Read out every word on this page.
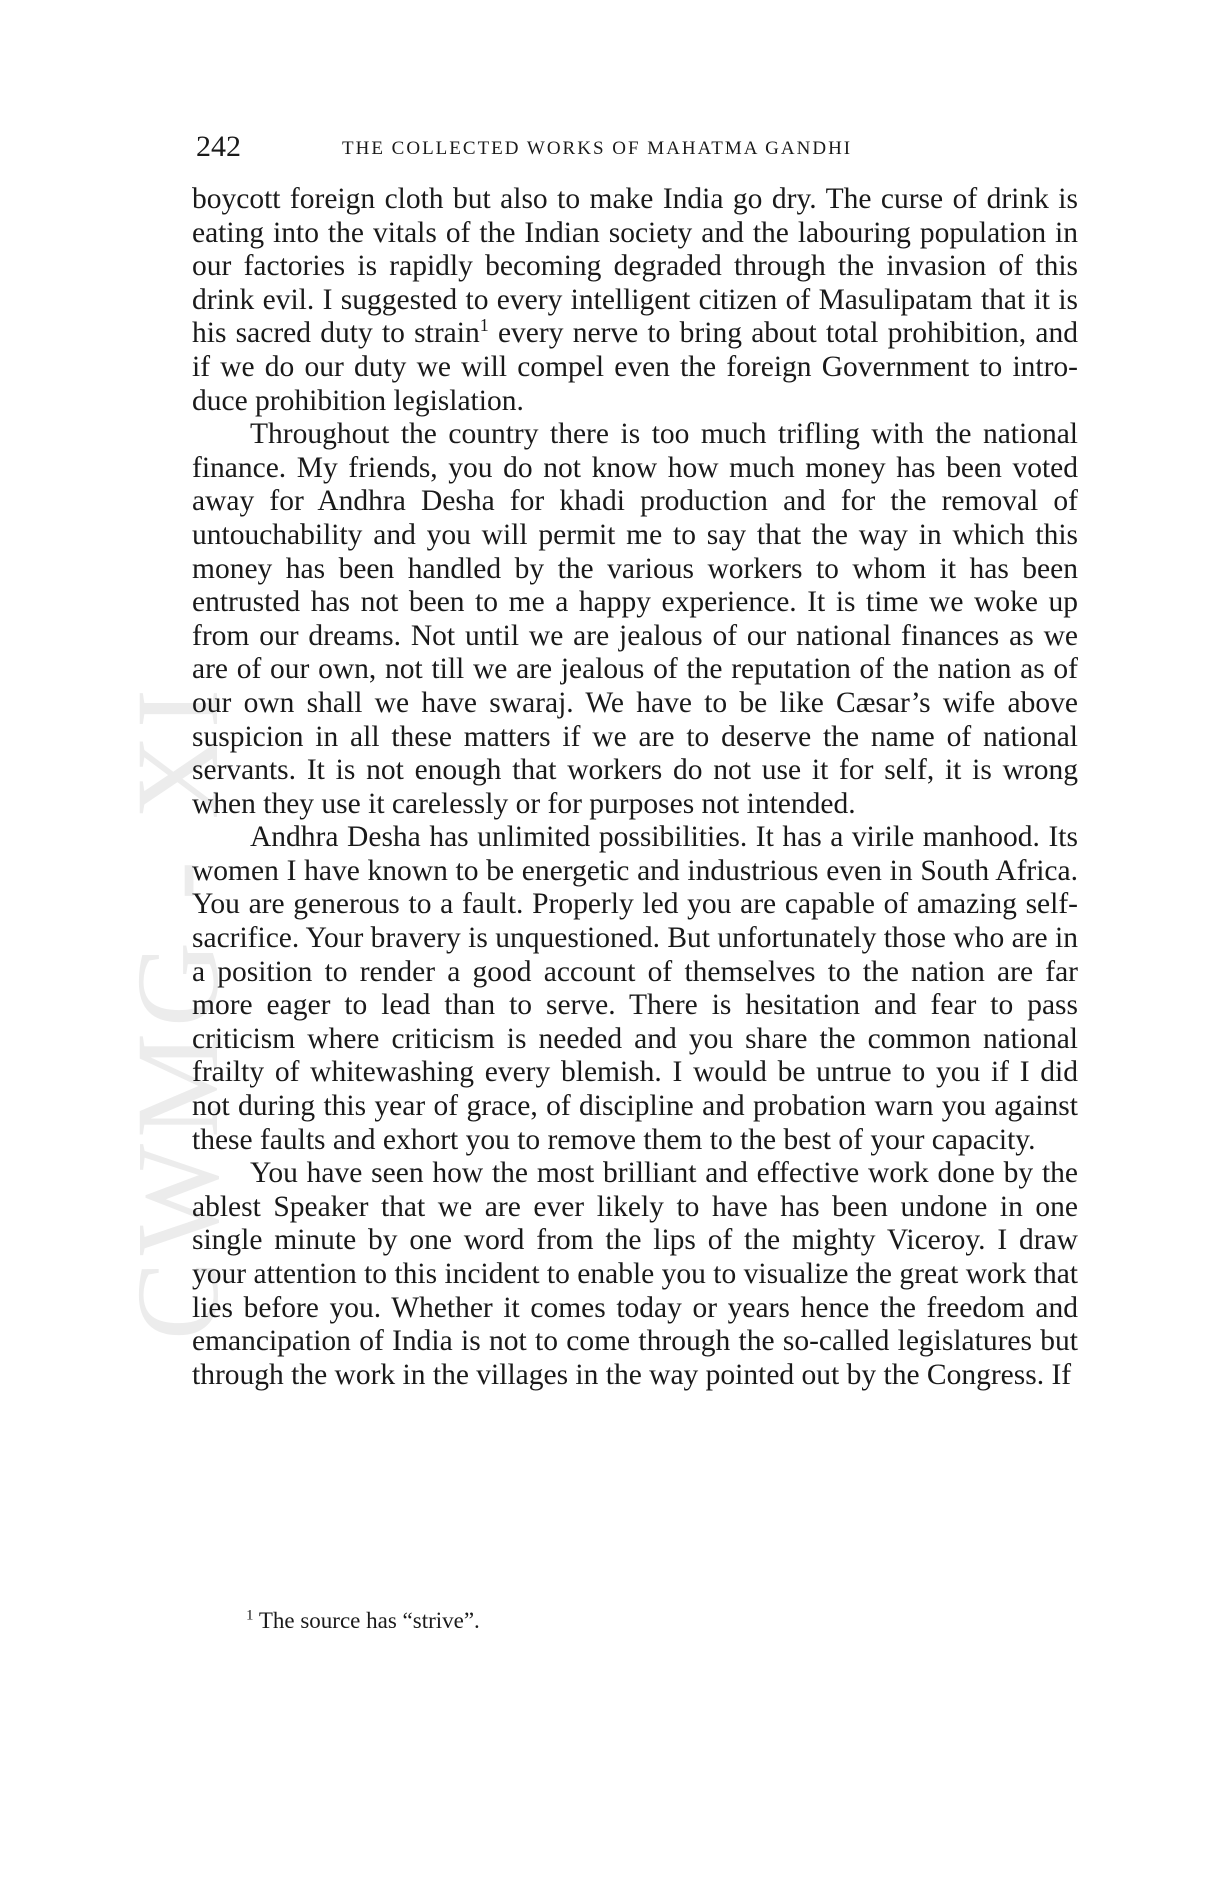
CWMG - XI
242	THE COLLECTED WORKS OF MAHATMA GANDHI

boycott foreign cloth but also to make India go dry. The curse of drink is eating into the vitals of the Indian society and the labouring population in our factories is rapidly becoming degraded through the invasion of this drink evil. I suggested to every intelligent citizen of Masulipatam that it is his sacred duty to strain$^1$ every nerve to bring about total prohibition, and if we do our duty we will compel even the foreign Government to introduce prohibition legislation.

Throughout the country there is too much trifling with the national finance. My friends, you do not know how much money has been voted away for Andhra Desha for khadi production and for the removal of untouchability and you will permit me to say that the way in which this money has been handled by the various workers to whom it has been entrusted has not been to me a happy experience. It is time we woke up from our dreams. Not until we are jealous of our national finances as we are of our own, not till we are jealous of the reputation of the nation as of our own shall we have swaraj. We have to be like Cæsar’s wife above suspicion in all these matters if we are to deserve the name of national servants. It is not enough that workers do not use it for self, it is wrong when they use it carelessly or for purposes not intended.

Andhra Desha has unlimited possibilities. It has a virile manhood. Its women I have known to be energetic and industrious even in South Africa. You are generous to a fault. Properly led you are capable of amazing self-sacrifice. Your bravery is unquestioned. But unfortunately those who are in a position to render a good account of themselves to the nation are far more eager to lead than to serve. There is hesitation and fear to pass criticism where criticism is needed and you share the common national frailty of whitewashing every blemish. I would be untrue to you if I did not during this year of grace, of discipline and probation warn you against these faults and exhort you to remove them to the best of your capacity.

You have seen how the most brilliant and effective work done by the ablest Speaker that we are ever likely to have has been undone in one single minute by one word from the lips of the mighty Viceroy. I draw your attention to this incident to enable you to visualize the great work that lies before you. Whether it comes today or years hence the freedom and emancipation of India is not to come through the so-called legislatures but through the work in the villages in the way pointed out by the Congress. If

$^1$ The source has “strive”.
